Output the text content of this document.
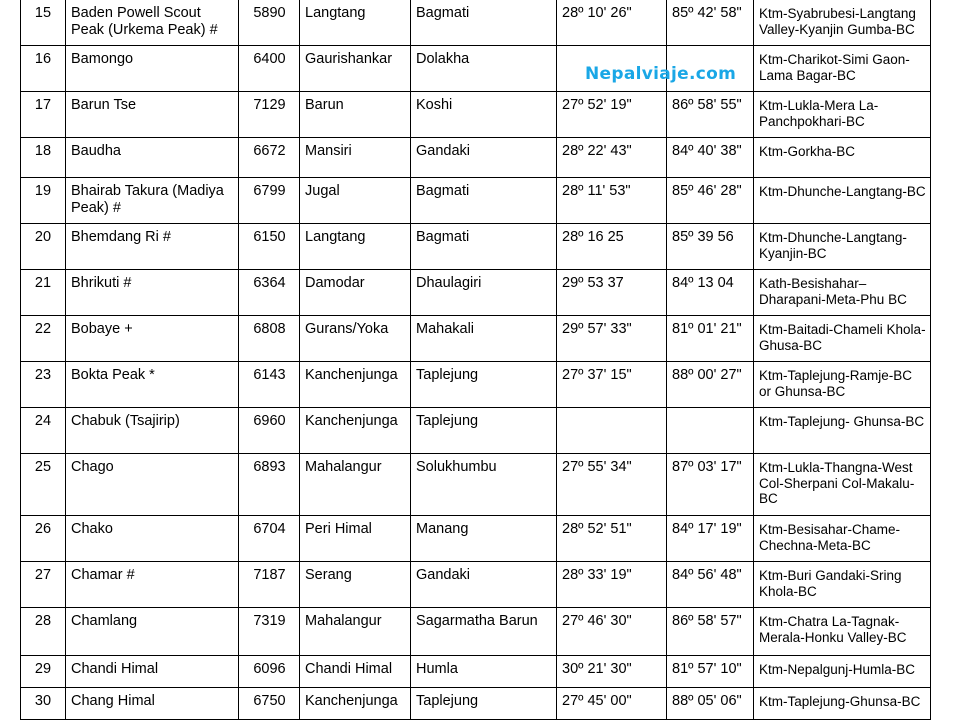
15	Baden Powell Scout Peak (Urkema Peak) #	5890	Langtang	Bagmati	28º 10' 26"	85º 42' 58"	Ktm-Syabrubesi-Langtang Valley-Kyanjin Gumba-BC
16	Bamongo	6400	Gaurishankar	Dolakha			Ktm-Charikot-Simi Gaon-Lama Bagar-BC
17	Barun Tse	7129	Barun	Koshi	27º 52' 19"	86º 58' 55"	Ktm-Lukla-Mera La-Panchpokhari-BC
18	Baudha	6672	Mansiri	Gandaki	28º 22' 43"	84º 40' 38"	Ktm-Gorkha-BC
19	Bhairab Takura (Madiya Peak) #	6799	Jugal	Bagmati	28º 11' 53"	85º 46' 28"	Ktm-Dhunche-Langtang-BC
20	Bhemdang Ri #	6150	Langtang	Bagmati	28º 16 25	85º 39 56	Ktm-Dhunche-Langtang-Kyanjin-BC
21	Bhrikuti #	6364	Damodar	Dhaulagiri	29º 53 37	84º 13 04	Kath-Besishahar–Dharapani-Meta-Phu BC
22	Bobaye +	6808	Gurans/Yoka	Mahakali	29º 57' 33"	81º 01' 21"	Ktm-Baitadi-Chameli Khola-Ghusa-BC
23	Bokta Peak *	6143	Kanchenjunga	Taplejung	27º 37' 15"	88º 00' 27"	Ktm-Taplejung-Ramje-BC or Ghunsa-BC
24	Chabuk (Tsajirip)	6960	Kanchenjunga	Taplejung			Ktm-Taplejung- Ghunsa-BC
25	Chago	6893	Mahalangur	Solukhumbu	27º 55' 34"	87º 03' 17"	Ktm-Lukla-Thangna-West Col-Sherpani Col-Makalu-BC
26	Chako	6704	Peri Himal	Manang	28º 52' 51"	84º 17' 19"	Ktm-Besisahar-Chame-Chechna-Meta-BC
27	Chamar #	7187	Serang	Gandaki	28º 33' 19"	84º 56' 48"	Ktm-Buri Gandaki-Sring Khola-BC
28	Chamlang	7319	Mahalangur	Sagarmatha Barun	27º 46' 30"	86º 58' 57"	Ktm-Chatra La-Tagnak-Merala-Honku Valley-BC
29	Chandi Himal	6096	Chandi Himal	Humla	30º 21' 30"	81º 57' 10"	Ktm-Nepalgunj-Humla-BC
30	Chang Himal	6750	Kanchenjunga	Taplejung	27º 45' 00"	88º 05' 06"	Ktm-Taplejung-Ghunsa-BC
Nepalviaje.com
